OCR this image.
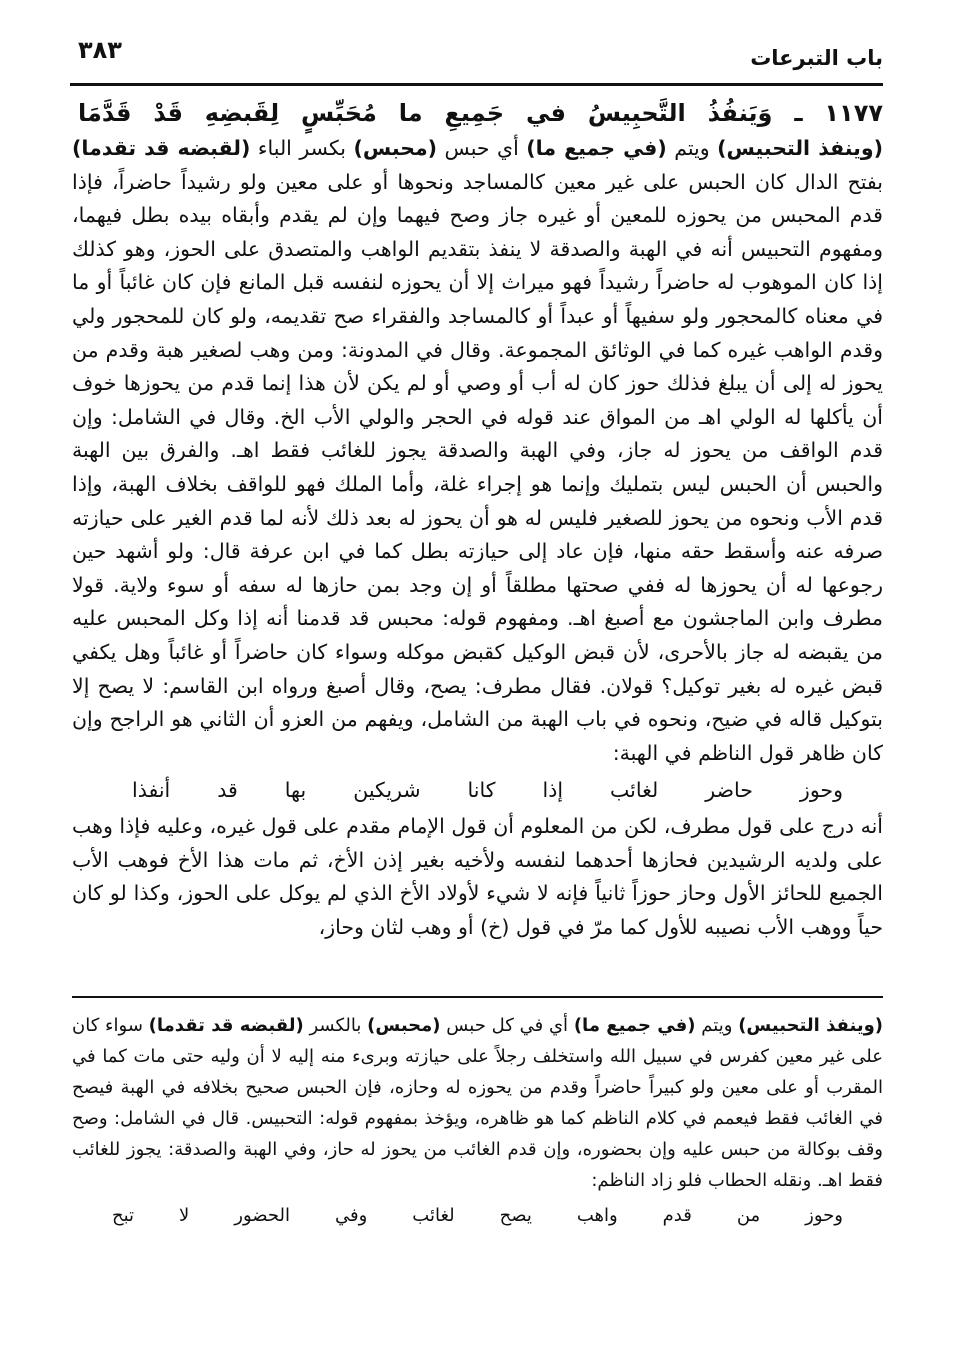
باب التبرعات
٣٨٣
١١٧٧ ـ وَيَنفُذُ التَّحبِيسُ في جَمِيعِ ما مُحَبِّسٍ لِقَبضِهِ قَدْ قَدَّمَا

(وينفذ التحبيس) ويتم (في جميع ما) أي حبس (محبس) بكسر الباء (لقبضه قد تقدما) بفتح الدال كان الحبس على غير معين كالمساجد ونحوها أو على معين ولو رشيداً حاضراً، فإذا قدم المحبس من يحوزه للمعين أو غيره جاز وصح فيهما وإن لم يقدم وأبقاه بيده بطل فيهما، ومفهوم التحبيس أنه في الهبة والصدقة لا ينفذ بتقديم الواهب والمتصدق على الحوز، وهو كذلك إذا كان الموهوب له حاضراً رشيداً فهو ميراث إلا أن يحوزه لنفسه قبل المانع فإن كان غائباً أو ما في معناه كالمحجور ولو سفيهاً أو عبداً أو كالمساجد والفقراء صح تقديمه، ولو كان للمحجور ولي وقدم الواهب غيره كما في الوثائق المجموعة. وقال في المدونة: ومن وهب لصغير هبة وقدم من يحوز له إلى أن يبلغ فذلك حوز كان له أب أو وصي أو لم يكن لأن هذا إنما قدم من يحوزها خوف أن يأكلها له الولي اهـ من المواق عند قوله في الحجر والولي الأب الخ. وقال في الشامل: وإن قدم الواقف من يحوز له جاز، وفي الهبة والصدقة يجوز للغائب فقط اهـ. والفرق بين الهبة والحبس أن الحبس ليس بتمليك وإنما هو إجراء غلة، وأما الملك فهو للواقف بخلاف الهبة، وإذا قدم الأب ونحوه من يحوز للصغير فليس له هو أن يحوز له بعد ذلك لأنه لما قدم الغير على حيازته صرفه عنه وأسقط حقه منها، فإن عاد إلى حيازته بطل كما في ابن عرفة قال: ولو أشهد حين رجوعها له أن يحوزها له ففي صحتها مطلقاً أو إن وجد بمن حازها له سفه أو سوء ولاية. قولا مطرف وابن الماجشون مع أصبغ اهـ. ومفهوم قوله: محبس قد قدمنا أنه إذا وكل المحبس عليه من يقبضه له جاز بالأحرى، لأن قبض الوكيل كقبض موكله وسواء كان حاضراً أو غائباً وهل يكفي قبض غيره له بغير توكيل؟ قولان. فقال مطرف: يصح، وقال أصبغ ورواه ابن القاسم: لا يصح إلا بتوكيل قاله في ضيح، ونحوه في باب الهبة من الشامل، ويفهم من العزو أن الثاني هو الراجح وإن كان ظاهر قول الناظم في الهبة:

وحوز حاضر لغائب إذا كانا شريكين بها قد أنفذا

أنه درج على قول مطرف، لكن من المعلوم أن قول الإمام مقدم على قول غيره، وعليه فإذا وهب على ولديه الرشيدين فحازها أحدهما لنفسه ولأخيه بغير إذن الأخ، ثم مات هذا الأخ فوهب الأب الجميع للحائز الأول وحاز حوزاً ثانياً فإنه لا شيء لأولاد الأخ الذي لم يوكل على الحوز، وكذا لو كان حياً ووهب الأب نصيبه للأول كما مرّ في قول (خ) أو وهب لثان وحاز،

(وينفذ التحبيس) ويتم (في جميع ما) أي في كل حبس (محبس) بالكسر (لقبضه قد تقدما) سواء كان على غير معين كفرس في سبيل الله واستخلف رجلاً على حيازته وبرىء منه إليه لا أن وليه حتى مات كما في المقرب أو على معين ولو كبيراً حاضراً وقدم من يحوزه له وحازه، فإن الحبس صحيح بخلافه في الهبة فيصح في الغائب فقط فيعمم في كلام الناظم كما هو ظاهره، ويؤخذ بمفهوم قوله: التحبيس. قال في الشامل: وصح وقف بوكالة من حبس عليه وإن بحضوره، وإن قدم الغائب من يحوز له حاز، وفي الهبة والصدقة: يجوز للغائب فقط اهـ. ونقله الحطاب فلو زاد الناظم:

وحوز من قدم واهب يصح لغائب وفي الحضور لا تبح
